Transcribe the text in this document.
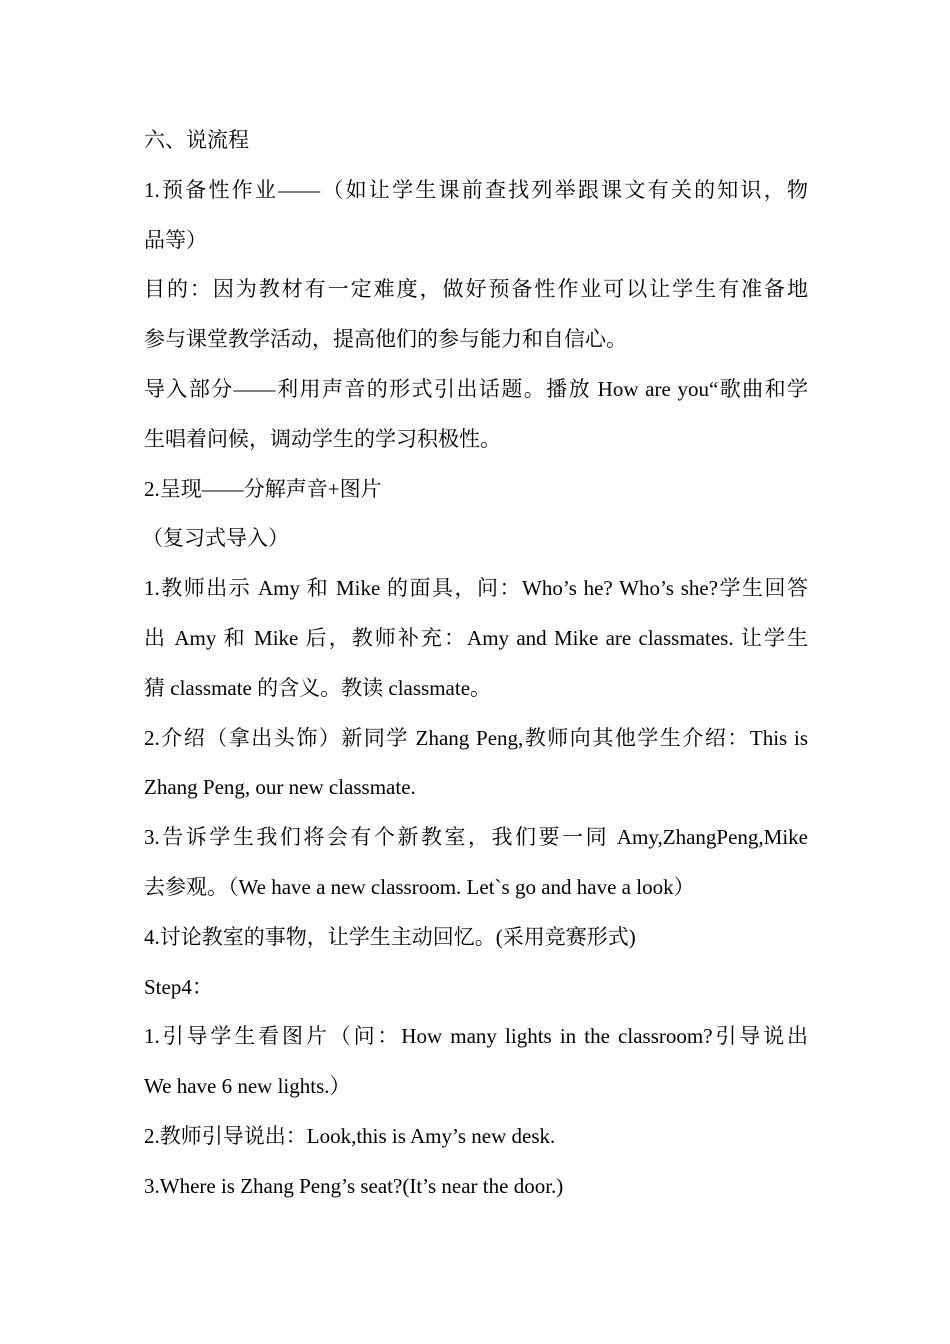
六、说流程
1.预备性作业——（如让学生课前查找列举跟课文有关的知识，物
品等）
目的：因为教材有一定难度，做好预备性作业可以让学生有准备地
参与课堂教学活动，提高他们的参与能力和自信心。
导入部分——利用声音的形式引出话题。播放 How are you“歌曲和学
生唱着问候，调动学生的学习积极性。
2.呈现——分解声音+图片
（复习式导入）
1.教师出示 Amy 和 Mike 的面具，问：Who’s he? Who’s she?学生回答
出 Amy 和 Mike 后，教师补充：Amy and Mike are classmates. 让学生
猜 classmate 的含义。教读 classmate。
2.介绍（拿出头饰）新同学 Zhang Peng,教师向其他学生介绍：This is
Zhang Peng, our new classmate.
3.告诉学生我们将会有个新教室，我们要一同 Amy,ZhangPeng,Mike
去参观。（We have a new classroom. Let`s go and have a look）
4.讨论教室的事物，让学生主动回忆。(采用竞赛形式)
Step4：
1.引导学生看图片（问：How many lights in the classroom?引导说出
We have 6 new lights.）
2.教师引导说出：Look,this is Amy’s new desk.
3.Where is Zhang Peng’s seat?(It’s near the door.)
